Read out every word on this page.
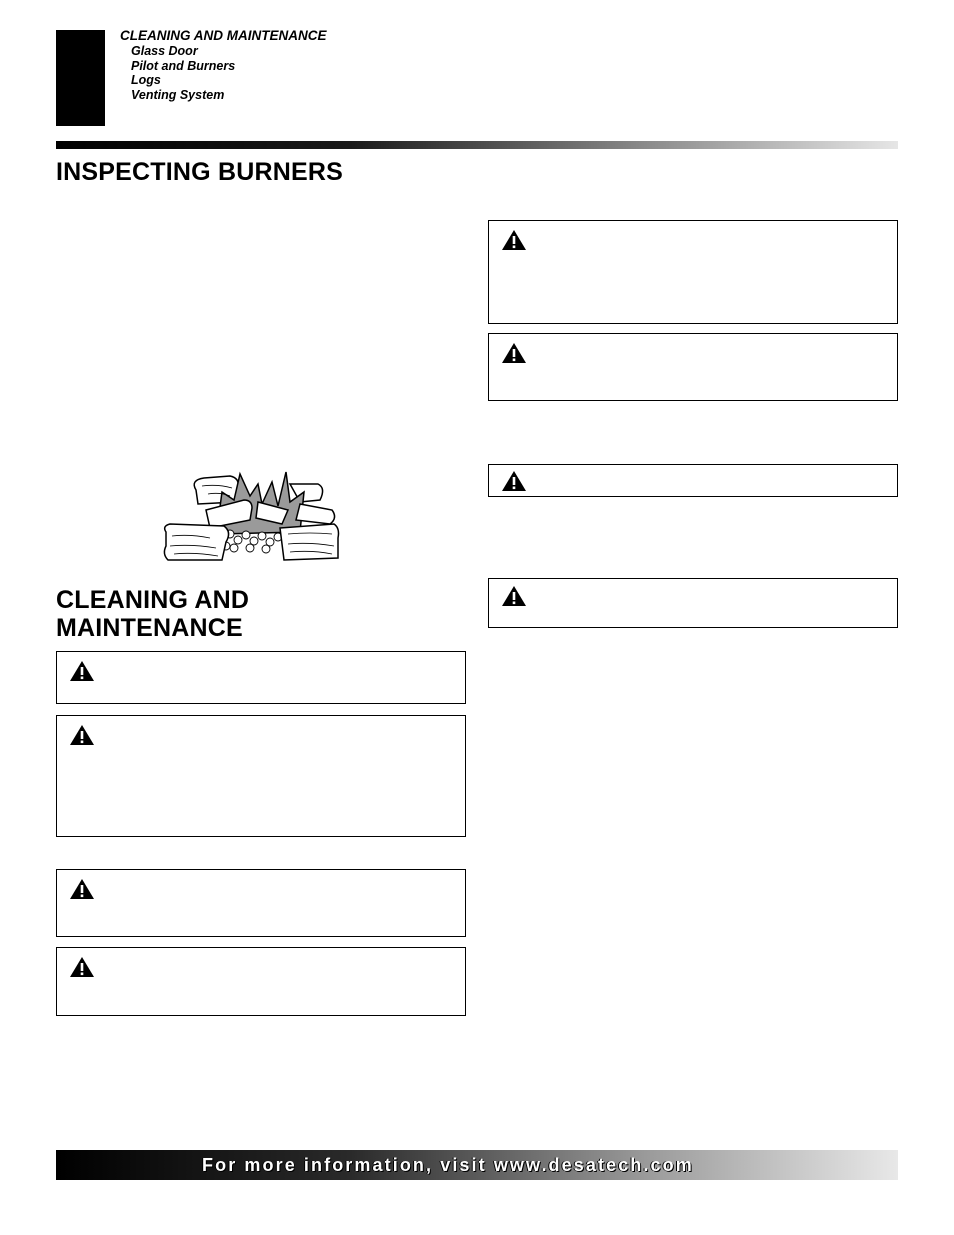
CLEANING AND MAINTENANCE
Glass Door
Pilot and Burners
Logs
Venting System
INSPECTING BURNERS
CLEANING AND
MAINTENANCE
For more information, visit www.desatech.com
